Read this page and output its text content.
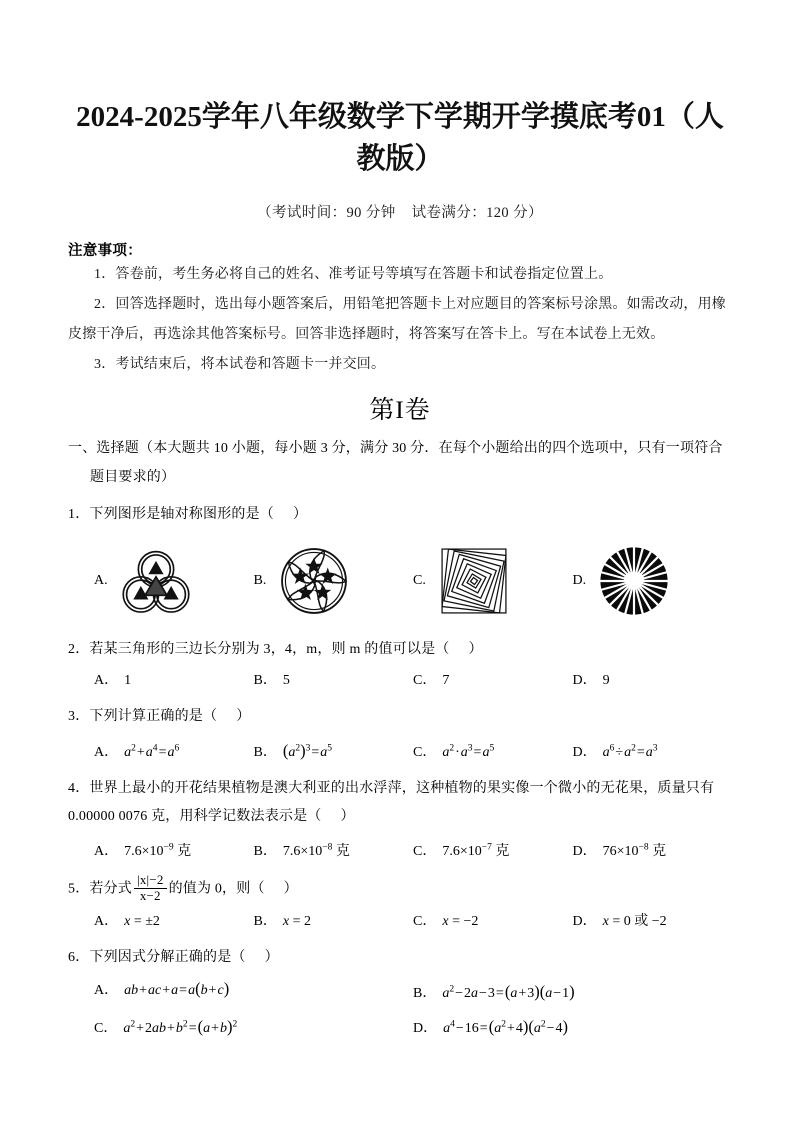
2024-2025学年八年级数学下学期开学摸底考01（人教版）
（考试时间：90 分钟 试卷满分：120 分）
注意事项：
1．答卷前，考生务必将自己的姓名、准考证号等填写在答题卡和试卷指定位置上。
2．回答选择题时，选出每小题答案后，用铅笔把答题卡上对应题目的答案标号涂黑。如需改动，用橡皮擦干净后，再选涂其他答案标号。回答非选择题时，将答案写在答卡上。写在本试卷上无效。
3．考试结束后，将本试卷和答题卡一并交回。
第I卷
一、选择题（本大题共 10 小题，每小题 3 分，满分 30 分．在每个小题给出的四个选项中，只有一项符合
题目要求的）
1．下列图形是轴对称图形的是（ ）
A.	B.	C.	D.
2．若某三角形的三边长分别为 3，4，m，则 m 的值可以是（ ）
A． 1	B． 5	C． 7	D． 9
3．下列计算正确的是（ ）
A． $a^2+a^4=a^6$	B． $(a^2)^3=a^5$	C． $a^2\cdot a^3=a^5$	D． $a^6\div a^2=a^3$
4．世界上最小的开花结果植物是澳大利亚的出水浮萍，这种植物的果实像一个微小的无花果，质量只有
0.00000 0076 克，用科学记数法表示是（ ）
A． $7.6\times 10^{-9}$ 克	B． $7.6\times 10^{-8}$ 克	C． $7.6\times 10^{-7}$ 克	D． $76\times 10^{-8}$ 克
5．若分式 $\frac{|x|-2}{x-2}$ 的值为 0，则（ ）
A． x = ±2	B． x = 2	C． x = −2	D． x = 0 或 −2
6．下列因式分解正确的是（ ）
A． ab+ac+a=a(b+c)	B． $a^2-2a-3=(a+3)(a-1)$
C． $a^2+2ab+b^2=(a+b)^2$	D． $a^4-16=(a^2+4)(a^2-4)$
